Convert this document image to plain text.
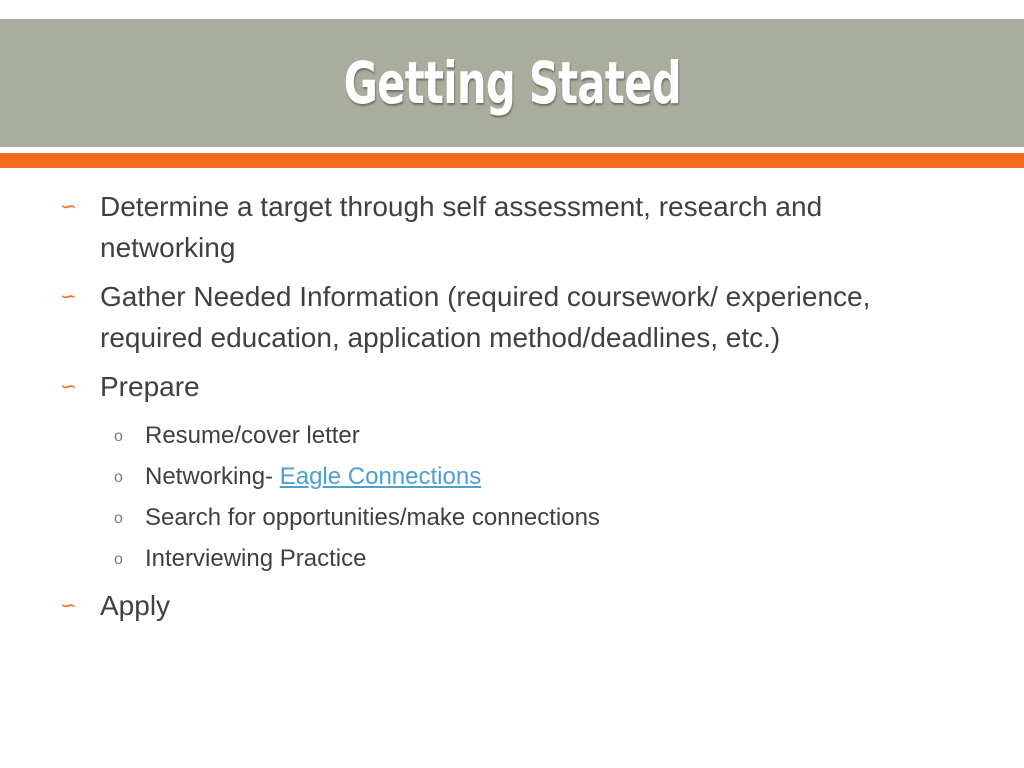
Getting Stated
∽ Determine a target through self assessment, research and networking
∽ Gather Needed Information (required coursework/ experience, required education, application method/deadlines, etc.)
∽ Prepare
o Resume/cover letter
o Networking- Eagle Connections
o Search for opportunities/make connections
o Interviewing Practice
∽ Apply
